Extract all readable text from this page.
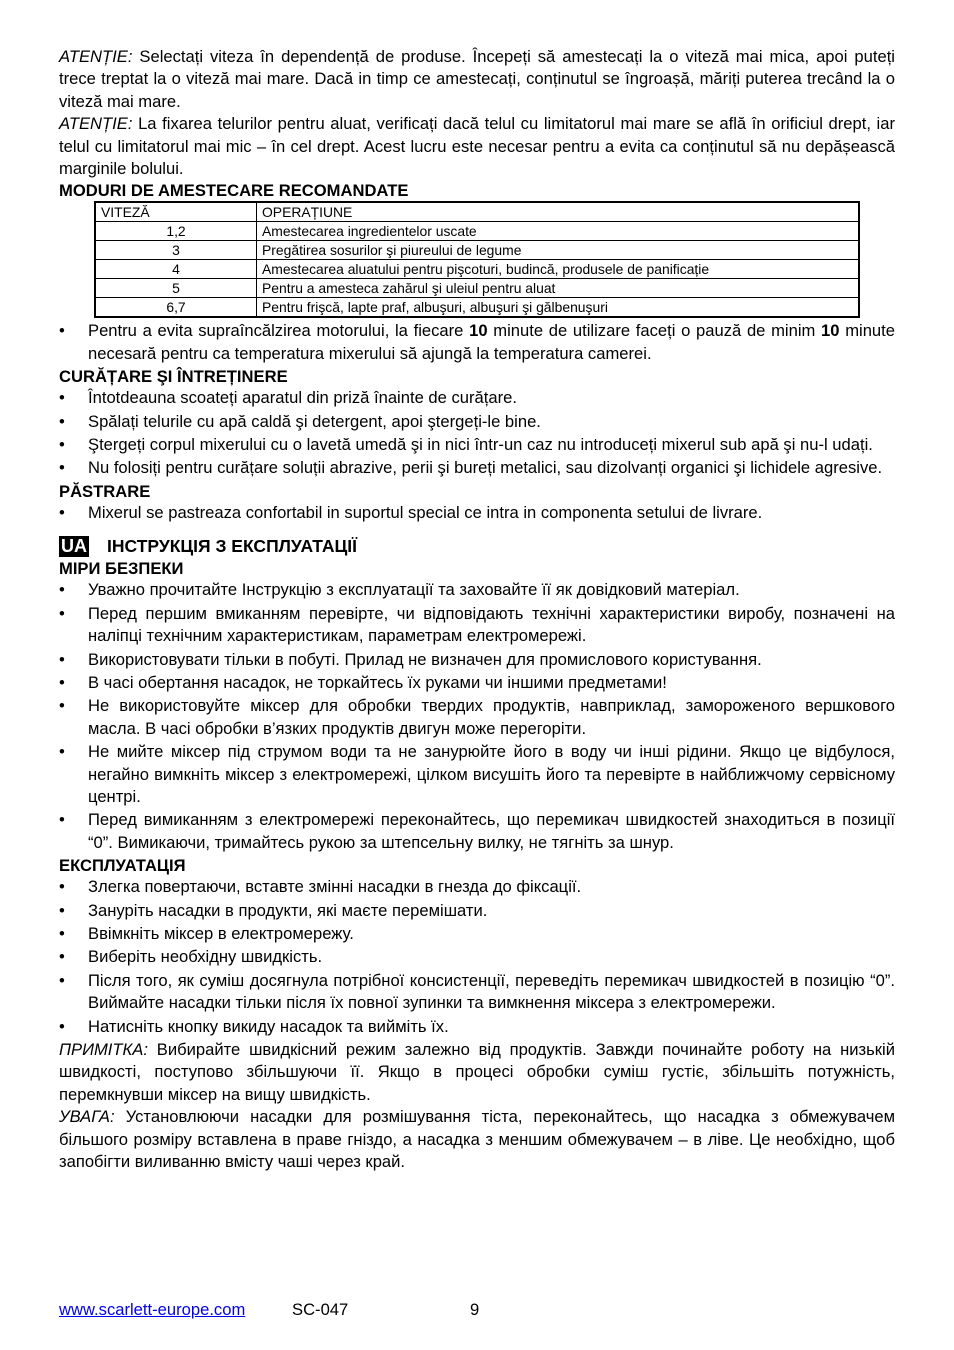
ATENȚIE: Selectați viteza în dependență de produse. Începeți să amestecați la o viteză mai mica, apoi puteți trece treptat la o viteză mai mare. Dacă in timp ce amestecați, conținutul se îngroașă, măriți puterea trecând la o viteză mai mare.

ATENȚIE: La fixarea telurilor pentru aluat, verificați dacă telul cu limitatorul mai mare se află în orificiul drept, iar telul cu limitatorul mai mic – în cel drept. Acest lucru este necesar pentru a evita ca conținutul să nu depășească marginile bolului.

MODURI DE AMESTECARE RECOMANDATE
VITEZĂ	OPERAȚIUNE
1,2	Amestecarea ingredientelor uscate
3	Pregătirea sosurilor şi piureului de legume
4	Amestecarea aluatului pentru pişcoturi, budincă, produsele de panificație
5	Pentru a amesteca zahărul şi uleiul pentru aluat
6,7	Pentru frişcă, lapte praf, albuşuri, albuşuri şi gălbenuşuri
• Pentru a evita supraîncălzirea motorului, la fiecare 10 minute de utilizare faceți o pauză de minim 10 minute necesară pentru ca temperatura mixerului să ajungă la temperatura camerei.
CURĂȚARE ŞI ÎNTREȚINERE
• Întotdeauna scoateți aparatul din priză înainte de curățare.
• Spălați telurile cu apă caldă şi detergent, apoi ştergeți-le bine.
• Ştergeți corpul mixerului cu o lavetă umedă şi in nici într-un caz nu introduceți mixerul sub apă şi nu-l udați.
• Nu folosiți pentru curățare soluții abrazive, perii şi bureți metalici, sau dizolvanți organici şi lichidele agresive.
PĂSTRARE
• Mixerul se pastreaza confortabil in suportul special ce intra in componenta setului de livrare.
UA ІНСТРУКЦІЯ З ЕКСПЛУАТАЦІЇ
МІРИ БЕЗПЕКИ
• Уважно прочитайте Інструкцію з експлуатації та заховайте її як довідковий матеріал.
• Перед першим вмиканням перевірте, чи відповідають технічні характеристики виробу, позначені на наліпці технічним характеристикам, параметрам електромережі.
• Використовувати тільки в побуті. Прилад не визначен для промислового користування.
• В часі обертання насадок, не торкайтесь їх руками чи іншими предметами!
• Не використовуйте міксер для обробки твердих продуктів, навприклад, замороженого вершкового масла. В часі обробки в’язких продуктів двигун може перегоріти.
• Не мийте міксер під струмом води та не занурюйте його в воду чи інші рідини. Якщо це відбулося, негайно вимкніть міксер з електромережі, цілком висушіть його та перевірте в найближчому сервісному центрі.
• Перед вимиканням з електромережі переконайтесь, що перемикач швидкостей знаходиться в позиції “0”. Вимикаючи, тримайтесь рукою за штепсельну вилку, не тягніть за шнур.
ЕКСПЛУАТАЦІЯ
• Злегка повертаючи, вставте змінні насадки в гнезда до фіксації.
• Зануріть насадки в продукти, які маєте перемішати.
• Ввімкніть міксер в електромережу.
• Виберіть необхідну швидкість.
• Після того, як суміш досягнула потрібної консистенції, переведіть перемикач швидкостей в позицію “0”. Виймайте насадки тільки після їх повної зупинки та вимкнення міксера з електромережи.
• Натисніть кнопку викиду насадок та вийміть їх.

ПРИМІТКА: Вибирайте швидкісний режим залежно від продуктів. Завжди починайте роботу на низькій швидкості, поступово збільшуючи її. Якщо в процесі обробки суміш густіє, збільшіть потужність, перемкнувши міксер на вищу швидкість.

УВАГА: Установлюючи насадки для розмішування тіста, переконайтесь, що насадка з обмежувачем більшого розміру вставлена в праве гніздо, а насадка з меншим обмежувачем – в ліве. Це необхідно, щоб запобігти виливанню вмісту чаші через край.

www.scarlett-europe.com	SC-047	9
